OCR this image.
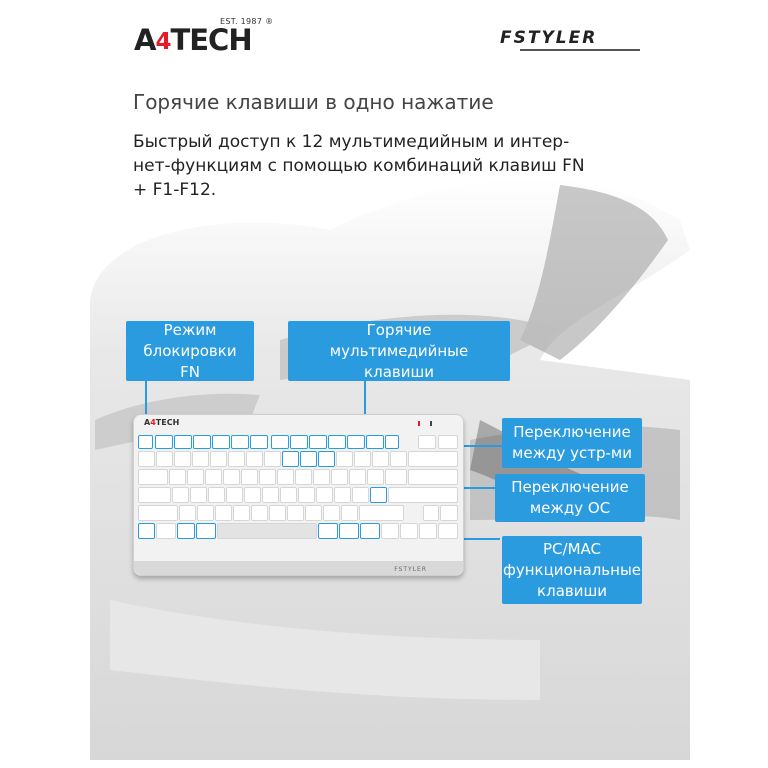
A4TECH
EST. 1987 ®
FSTYLER
Горячие клавиши в одно нажатие
Быстрый доступ к 12 мультимедийным и интер-нет-функциям с помощью комбинаций клавиш FN + F1-F12.
Режим блокировки FN
Горячие мультимедийные клавиши
Переключение между устр-ми
Переключение между ОС
PC/MAC функциональные клавиши
A4TECH
FSTYLER
